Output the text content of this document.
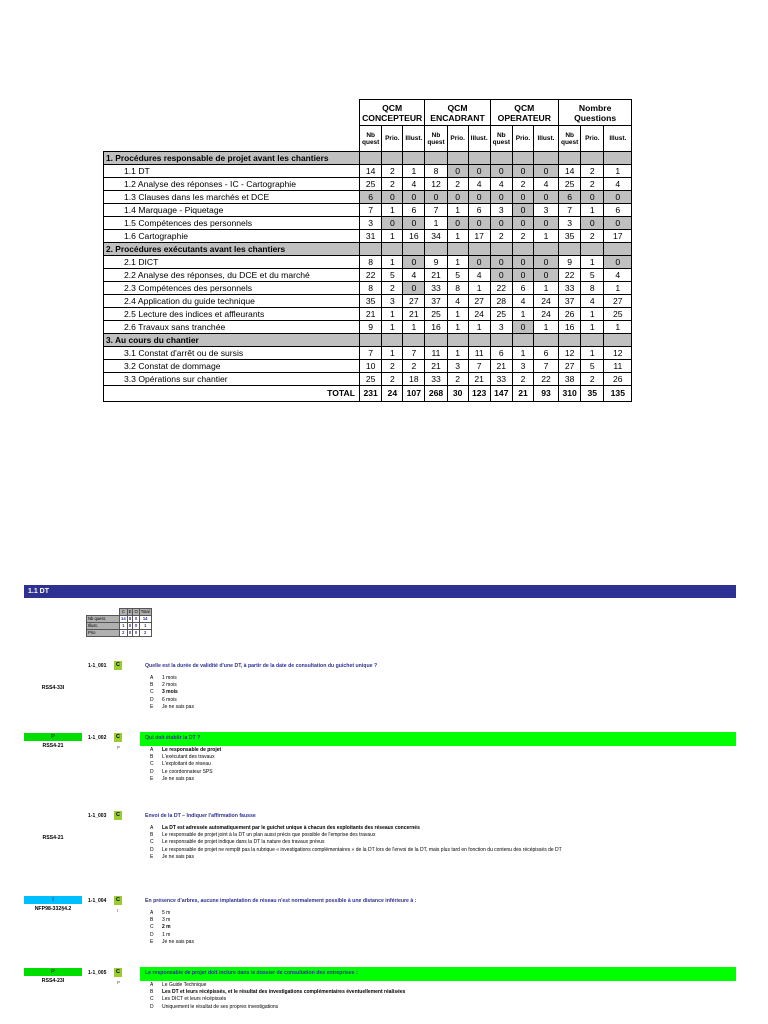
	QCM CONCEPTEUR			QCM ENCADRANT			QCM OPERATEUR			Nombre Questions		
	Nb quest	Prio.	Illust.	Nb quest	Prio.	Illust.	Nb quest	Prio.	Illust.	Nb quest	Prio.	Illust.
1. Procédures responsable de projet avant les chantiers												
1.1 DT	14	2	1	8	0	0	0	0	0	14	2	1
1.2 Analyse des réponses - IC - Cartographie	25	2	4	12	2	4	4	2	4	25	2	4
1.3 Clauses dans les marchés et DCE	6	0	0	0	0	0	0	0	0	6	0	0
1.4 Marquage - Piquetage	7	1	6	7	1	6	3	0	3	7	1	6
1.5 Compétences des personnels	3	0	0	1	0	0	0	0	0	3	0	0
1.6 Cartographie	31	1	16	34	1	17	2	2	1	35	2	17
2. Procédures exécutants avant les chantiers												
2.1 DICT	8	1	0	9	1	0	0	0	0	9	1	0
2.2 Analyse des réponses, du DCE et du marché	22	5	4	21	5	4	0	0	0	22	5	4
2.3 Compétences des personnels	8	2	0	33	8	1	22	6	1	33	8	1
2.4 Application du guide technique	35	3	27	37	4	27	28	4	24	37	4	27
2.5 Lecture des indices et affleurants	21	1	21	25	1	24	25	1	24	26	1	25
2.6 Travaux sans tranchée	9	1	1	16	1	1	3	0	1	16	1	1
3. Au cours du chantier												
3.1 Constat d'arrêt ou de sursis	7	1	7	11	1	11	6	1	6	12	1	12
3.2 Constat de dommage	10	2	2	21	3	7	21	3	7	27	5	11
3.3 Opérations sur chantier	25	2	18	33	2	21	33	2	22	38	2	26
TOTAL	231	24	107	268	30	123	147	21	93	310	35	135
1.1 DT
	C	E	O	Total
Nb quest.	14	8	0	14
Illust.	1	0	0	1
Prio	2	0	0	2
1-1_001	C	Quelle est la durée de validité d'une DT, à partir de la date de consultation du guichet unique ?
RSS4-33I
A	1 mois
B	2 mois
C	3 mois
D	6 mois
E	Je ne sais pas
1-1_002	C	Qui doit établir la DT ?
P
P
RSS4-21
A	Le responsable de projet
B	L'exécutant des travaux
C	L'exploitant de réseau
D	Le coordonnateur SPS
E	Je ne sais pas
1-1_003	C	Envoi de la DT – Indiquer l'affirmation fausse
RSS4-21
A	La DT est adressée automatiquement par le guichet unique à chacun des exploitants des réseaux concernés
B	Le responsable de projet joint à la DT un plan aussi précis que possible de l'emprise des travaux
C	Le responsable de projet indique dans la DT la nature des travaux prévus
D	Le responsable de projet ne remplit pas la rubrique « investigations complémentaires » de la DT lors de l'envoi de la DT, mais plus tard en fonction du contenu des récépissés de DT
E	Je ne sais pas
1-1_004	C	En présence d'arbres, aucune implantation de réseau n'est normalement possible à une distance inférieure à :
I
I
NFP98-332§4.2
A	5 m
B	3 m
C	2 m
D	1 m
E	Je ne sais pas
1-1_005	C	Le responsable de projet doit inclure dans le dossier de consultation des entreprises :
P
P
RSS4-23I
A	Le Guide Technique
B	Les DT et leurs récépissés, et le résultat des investigations complémentaires éventuellement réalisées
C	Les DICT et leurs récépissés
D	Uniquement le résultat de ses propres investigations
